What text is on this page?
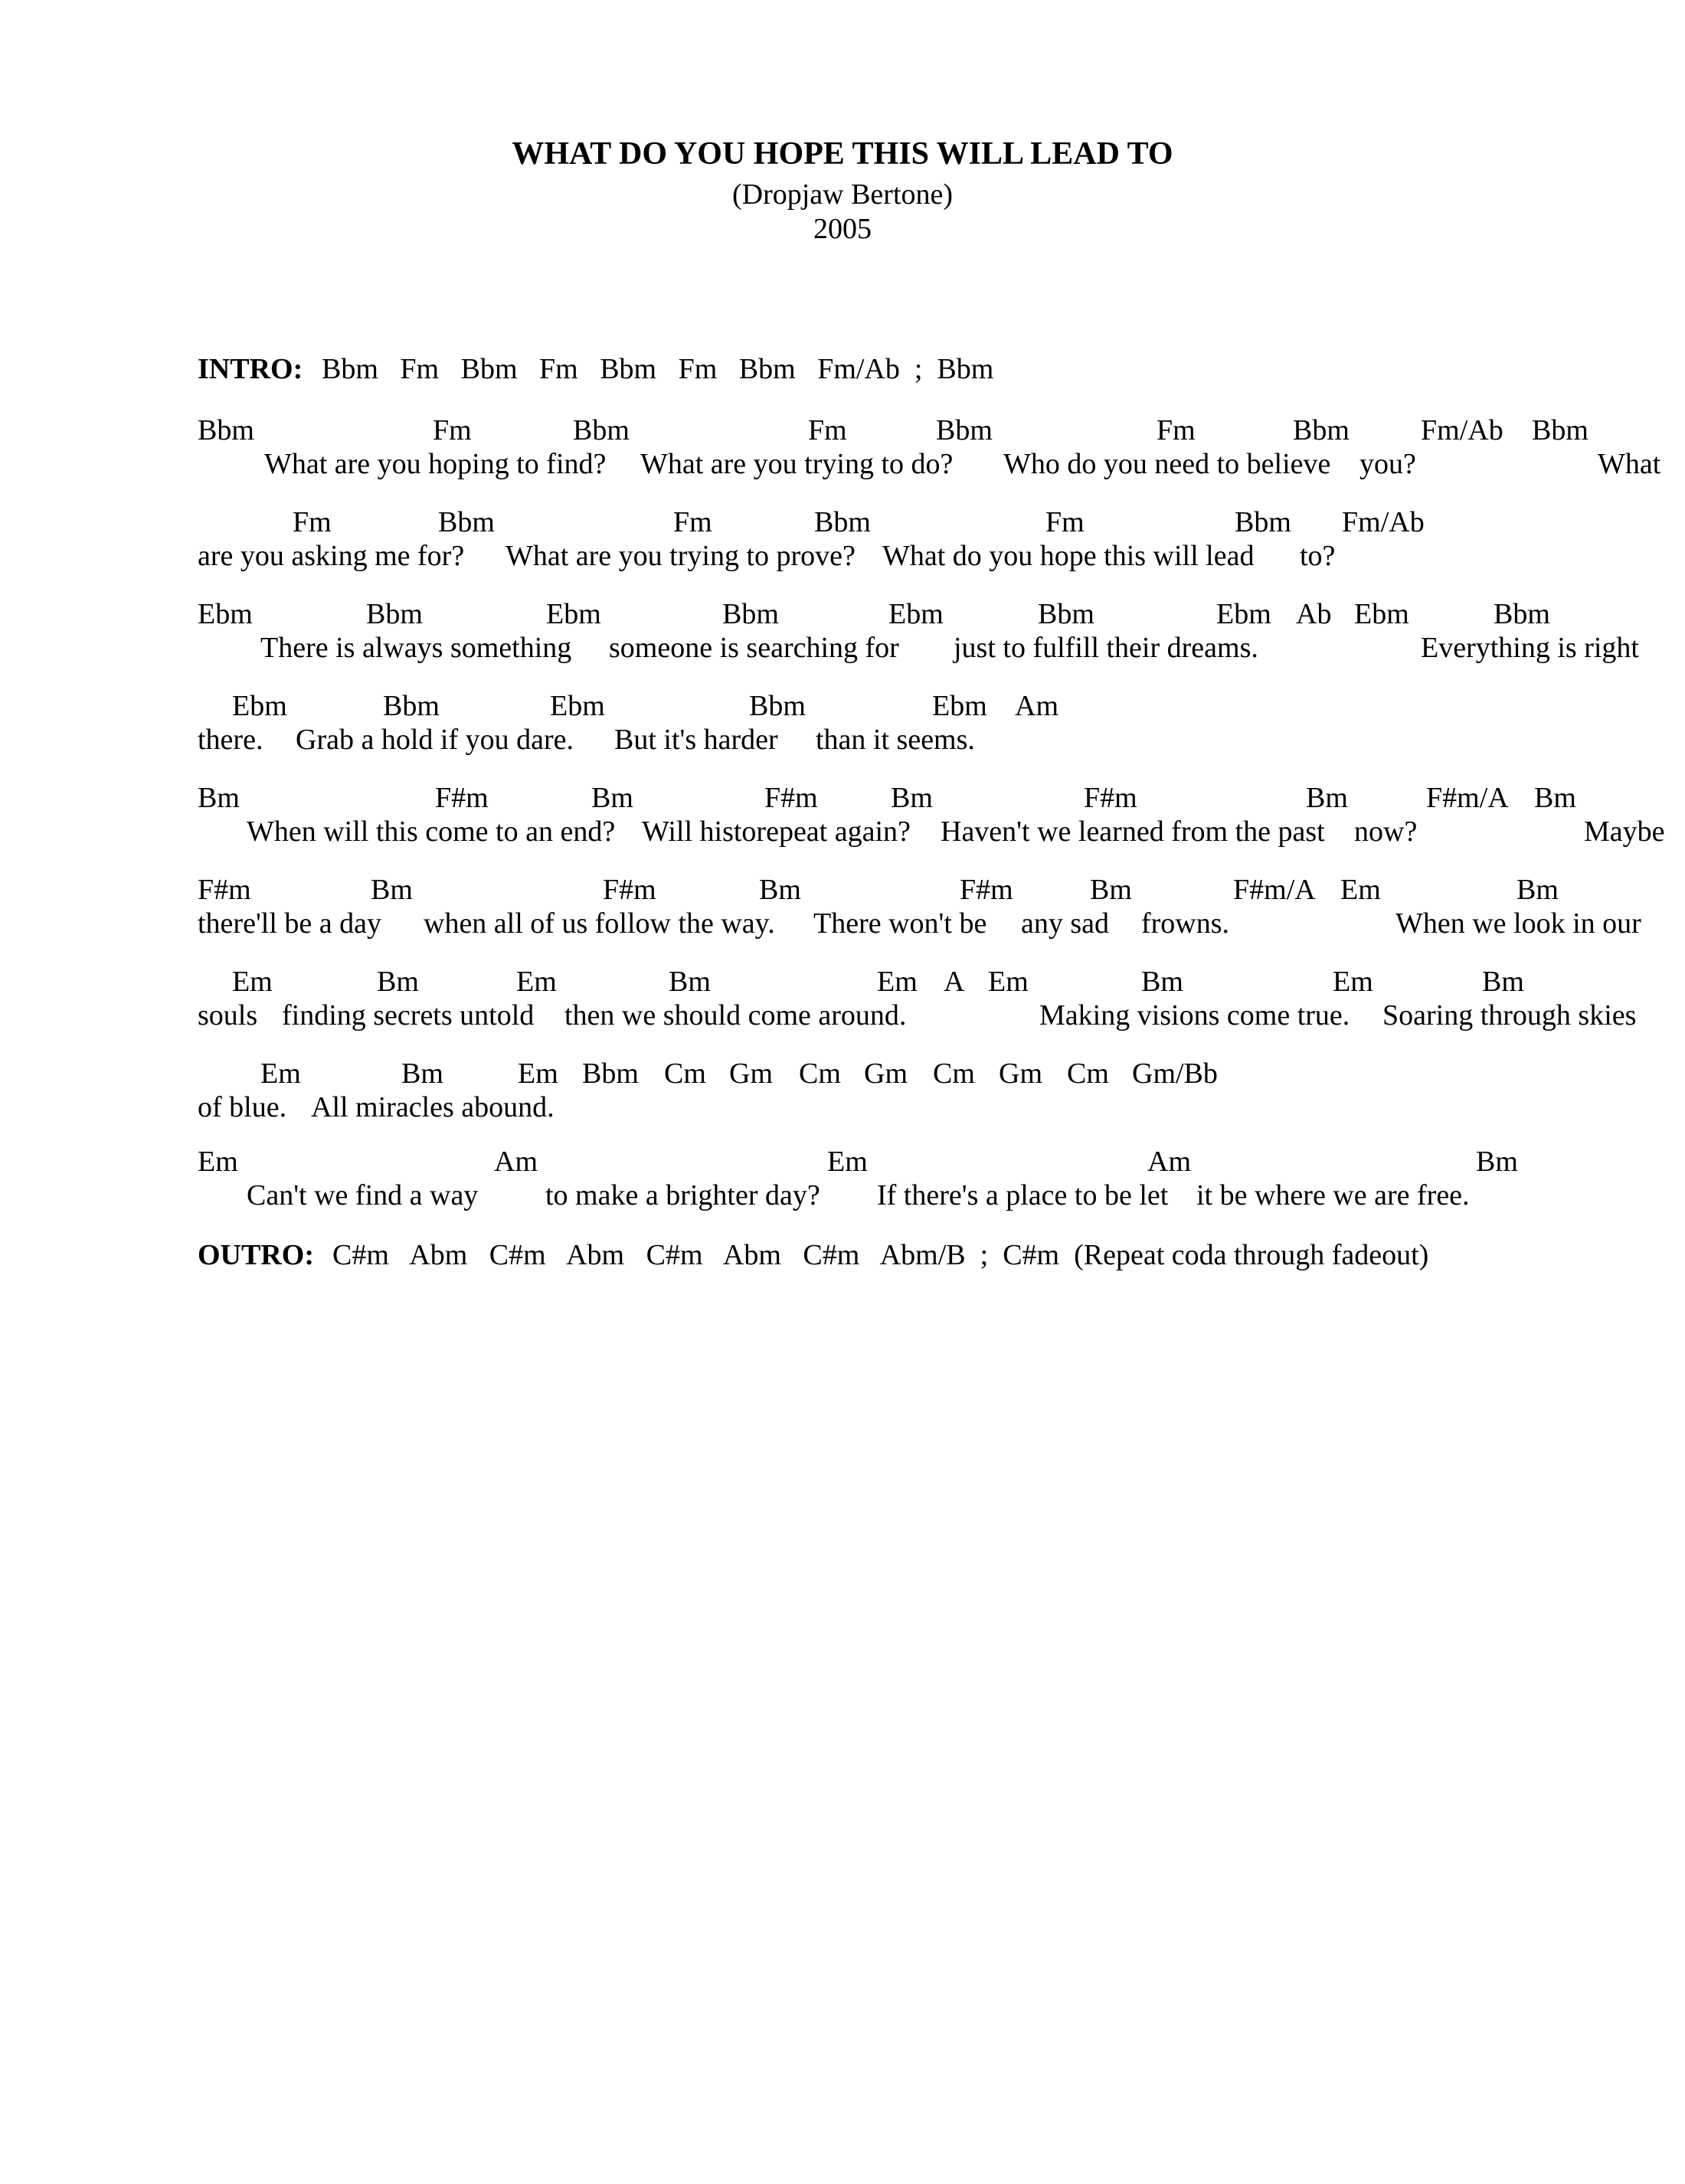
WHAT DO YOU HOPE THIS WILL LEAD TO
(Dropjaw Bertone)
2005

INTRO:

Bbm   Fm   Bbm   Fm   Bbm   Fm   Bbm   Fm/Ab  ;  Bbm

Bbm

	Fm

	Bbm

	Fm

	Bbm

	Fm

	Bbm

Fm/Ab

Bbm

What are you hoping to find?

What are you trying to do?

Who do you need to believe

you?

	What

Fm

	Bbm

	Fm

	Bbm

	Fm

	Bbm

Fm/Ab

are you asking me for?

What are you trying to prove?

What do you hope this will lead

to?

Ebm

	Bbm

	Ebm

	Bbm

	Ebm

	Bbm

	Ebm

Ab

Ebm

	Bbm

There is always something

someone is searching for

just to fulfill their dreams.

	Everything is right

Ebm

	Bbm

	Ebm

	Bbm

	Ebm

Am

there.

Grab a hold if you dare.

But it's harder

than it seems.

Bm

	F#m

	Bm

	F#m

	Bm

	F#m

	Bm

	F#m/A

Bm

When will this come to an end?

Will historepeat again?

Haven't we learned from the past

now?

	Maybe

F#m

	Bm

	F#m

	Bm

	F#m

	Bm

	F#m/A

Em

	Bm

there'll be a day

when all of us follow the way.

There won't be

any sad

frowns.

	When we look in our

Em

	Bm

	Em

	Bm

	Em

A

Em

	Bm

	Em

	Bm

souls

finding secrets untold

then we should come around.

	Making visions come true.

Soaring through skies

Em

	Bm

	Em

Bbm

Cm

Gm

Cm

Gm

Cm

Gm

Cm

Gm/Bb

of blue.

All miracles abound.

Em

	Am

	Em

	Am

	Bm

Can't we find a way

to make a brighter day?

If there's a place to be let

it be where we are free.

OUTRO:

C#m   Abm   C#m   Abm   C#m   Abm   C#m   Abm/B  ;  C#m  (Repeat coda through fadeout)
